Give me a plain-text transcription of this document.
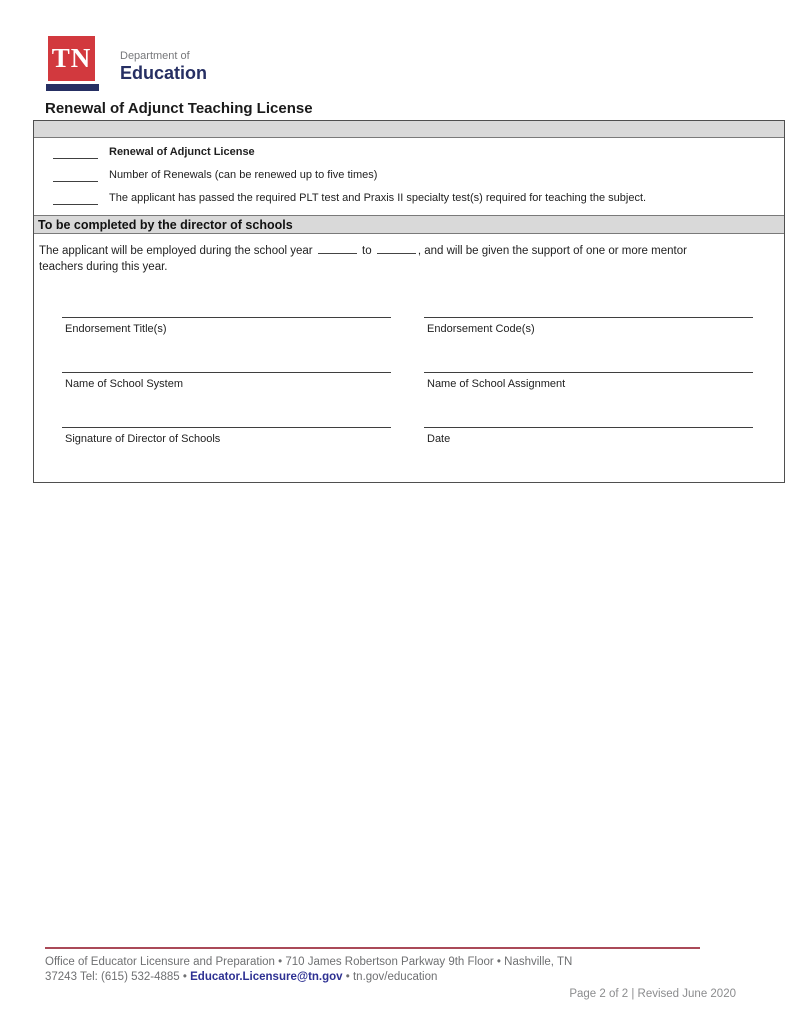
TN	Department of
Education
Renewal of Adjunct Teaching License
Renewal of Adjunct License
Number of Renewals (can be renewed up to five times)
The applicant has passed the required PLT test and Praxis II specialty test(s) required for teaching the subject.
To be completed by the director of schools

The applicant will be employed during the school year	to	, and will be given the support of one or more mentor teachers during this year.

Endorsement Title(s)	Endorsement Code(s)
Name of School System	Name of School Assignment
Signature of Director of Schools	Date
Office of Educator Licensure and Preparation • 710 James Robertson Parkway 9th Floor • Nashville, TN
37243 Tel: (615) 532-4885 • Educator.Licensure@tn.gov • tn.gov/education
Page 2 of 2 | Revised June 2020
